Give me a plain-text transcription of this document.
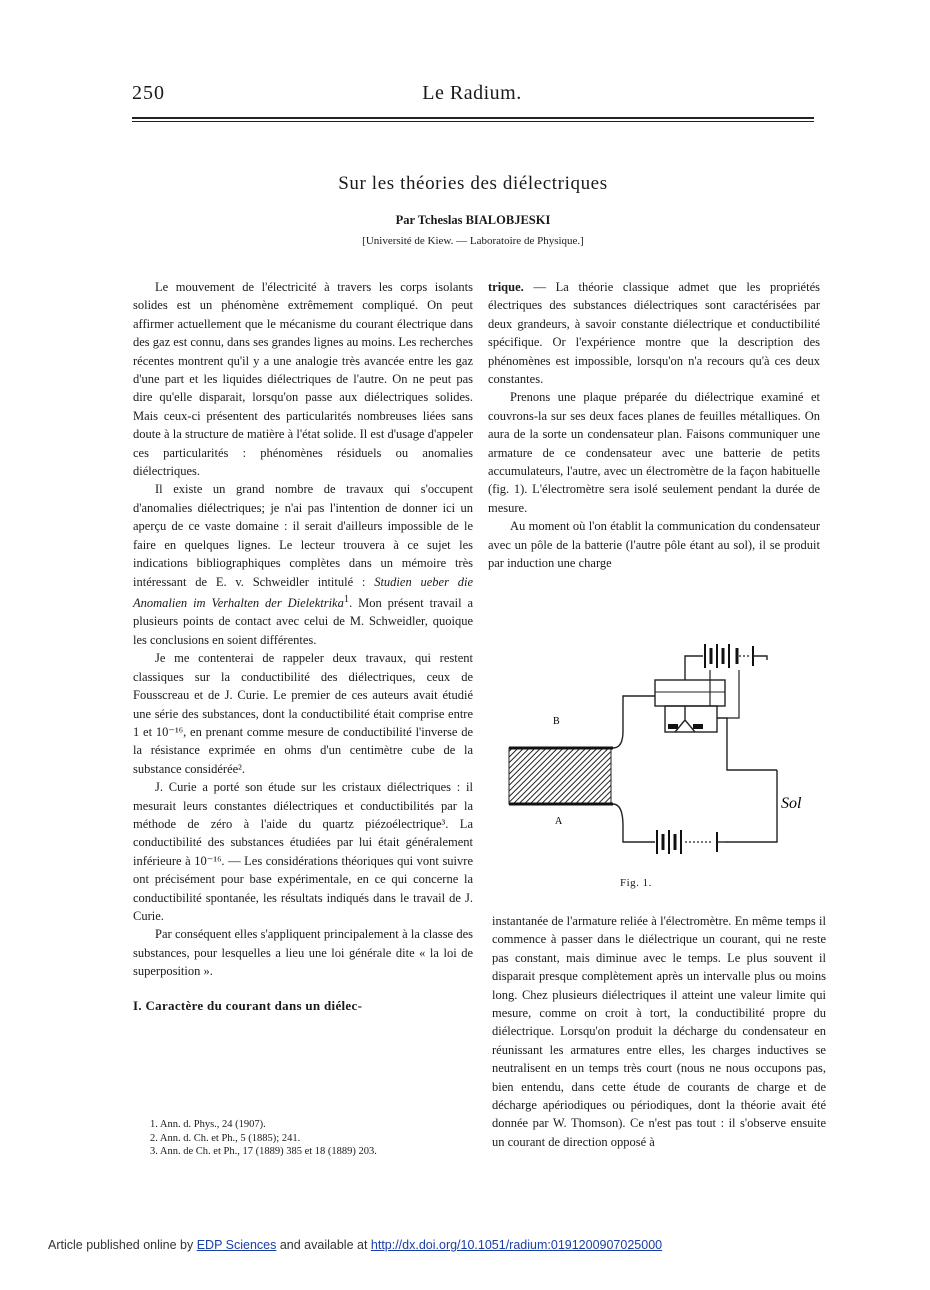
250	Le Radium.
Sur les théories des diélectriques
Par Tcheslas BIALOBJESKI
[Université de Kiew. — Laboratoire de Physique.]

Le mouvement de l'électricité à travers les corps isolants solides est un phénomène extrêmement compliqué. On peut affirmer actuellement que le mécanisme du courant électrique dans des gaz est connu, dans ses grandes lignes au moins. Les recherches récentes montrent qu'il y a une analogie très avancée entre les gaz d'une part et les liquides diélectriques de l'autre. On ne peut pas dire qu'elle disparait, lorsqu'on passe aux diélectriques solides. Mais ceux-ci présentent des particularités nombreuses liées sans doute à la structure de matière à l'état solide. Il est d'usage d'appeler ces particularités : phénomènes résiduels ou anomalies diélectriques.

Il existe un grand nombre de travaux qui s'occupent d'anomalies diélectriques; je n'ai pas l'intention de donner ici un aperçu de ce vaste domaine : il serait d'ailleurs impossible de le faire en quelques lignes. Le lecteur trouvera à ce sujet les indications bibliographiques complètes dans un mémoire très intéressant de E. v. Schweidler intitulé : Studien ueber die Anomalien im Verhalten der Dielektrika$^1$. Mon présent travail a plusieurs points de contact avec celui de M. Schweidler, quoique les conclusions en soient différentes.

Je me contenterai de rappeler deux travaux, qui restent classiques sur la conductibilité des diélectriques, ceux de Fousscreau et de J. Curie. Le premier de ces auteurs avait étudié une série des substances, dont la conductibilité était comprise entre 1 et 10⁻¹⁶, en prenant comme mesure de conductibilité l'inverse de la résistance exprimée en ohms d'un centimètre cube de la substance considérée².

J. Curie a porté son étude sur les cristaux diélectriques : il mesurait leurs constantes diélectriques et conductibilités par la méthode de zéro à l'aide du quartz piézoélectrique³. La conductibilité des substances étudiées par lui était généralement inférieure à 10⁻¹⁶. — Les considérations théoriques qui vont suivre ont précisément pour base expérimentale, en ce qui concerne la conductibilité spontanée, les résultats indiqués dans le travail de J. Curie.

Par conséquent elles s'appliquent principalement à la classe des substances, pour lesquelles a lieu une loi générale dite « la loi de superposition ».

I. Caractère du courant dans un diélec-

1. Ann. d. Phys., 24 (1907).
2. Ann. d. Ch. et Ph., 5 (1885); 241.
3. Ann. de Ch. et Ph., 17 (1889) 385 et 18 (1889) 203.

trique. — La théorie classique admet que les propriétés électriques des substances diélectriques sont caractérisées par deux grandeurs, à savoir constante diélectrique et conductibilité spécifique. Or l'expérience montre que la description des phénomènes est impossible, lorsqu'on n'a recours qu'à ces deux constantes.

Prenons une plaque préparée du diélectrique examiné et couvrons-la sur ses deux faces planes de feuilles métalliques. On aura de la sorte un condensateur plan. Faisons communiquer une armature de ce condensateur avec une batterie de petits accumulateurs, l'autre, avec un électromètre de la façon habituelle (fig. 1). L'électromètre sera isolé seulement pendant la durée de mesure.

Au moment où l'on établit la communication du condensateur avec un pôle de la batterie (l'autre pôle étant au sol), il se produit par induction une charge

B
A
Sol
Fig. 1.

instantanée de l'armature reliée à l'électromètre. En même temps il commence à passer dans le diélectrique un courant, qui ne reste pas constant, mais diminue avec le temps. Le plus souvent il disparait presque complètement après un intervalle plus ou moins long. Chez plusieurs diélectriques il atteint une valeur limite qui mesure, comme on croit à tort, la conductibilité propre du diélectrique. Lorsqu'on produit la décharge du condensateur en réunissant les armatures entre elles, les charges inductives se neutralisent en un temps très court (nous ne nous occupons pas, bien entendu, dans cette étude de courants de charge et de décharge apériodiques ou périodiques, dont la théorie avait été donnée par W. Thomson). Ce n'est pas tout : il s'observe ensuite un courant de direction opposé à

Article published online by EDP Sciences and available at http://dx.doi.org/10.1051/radium:0191200907025000
